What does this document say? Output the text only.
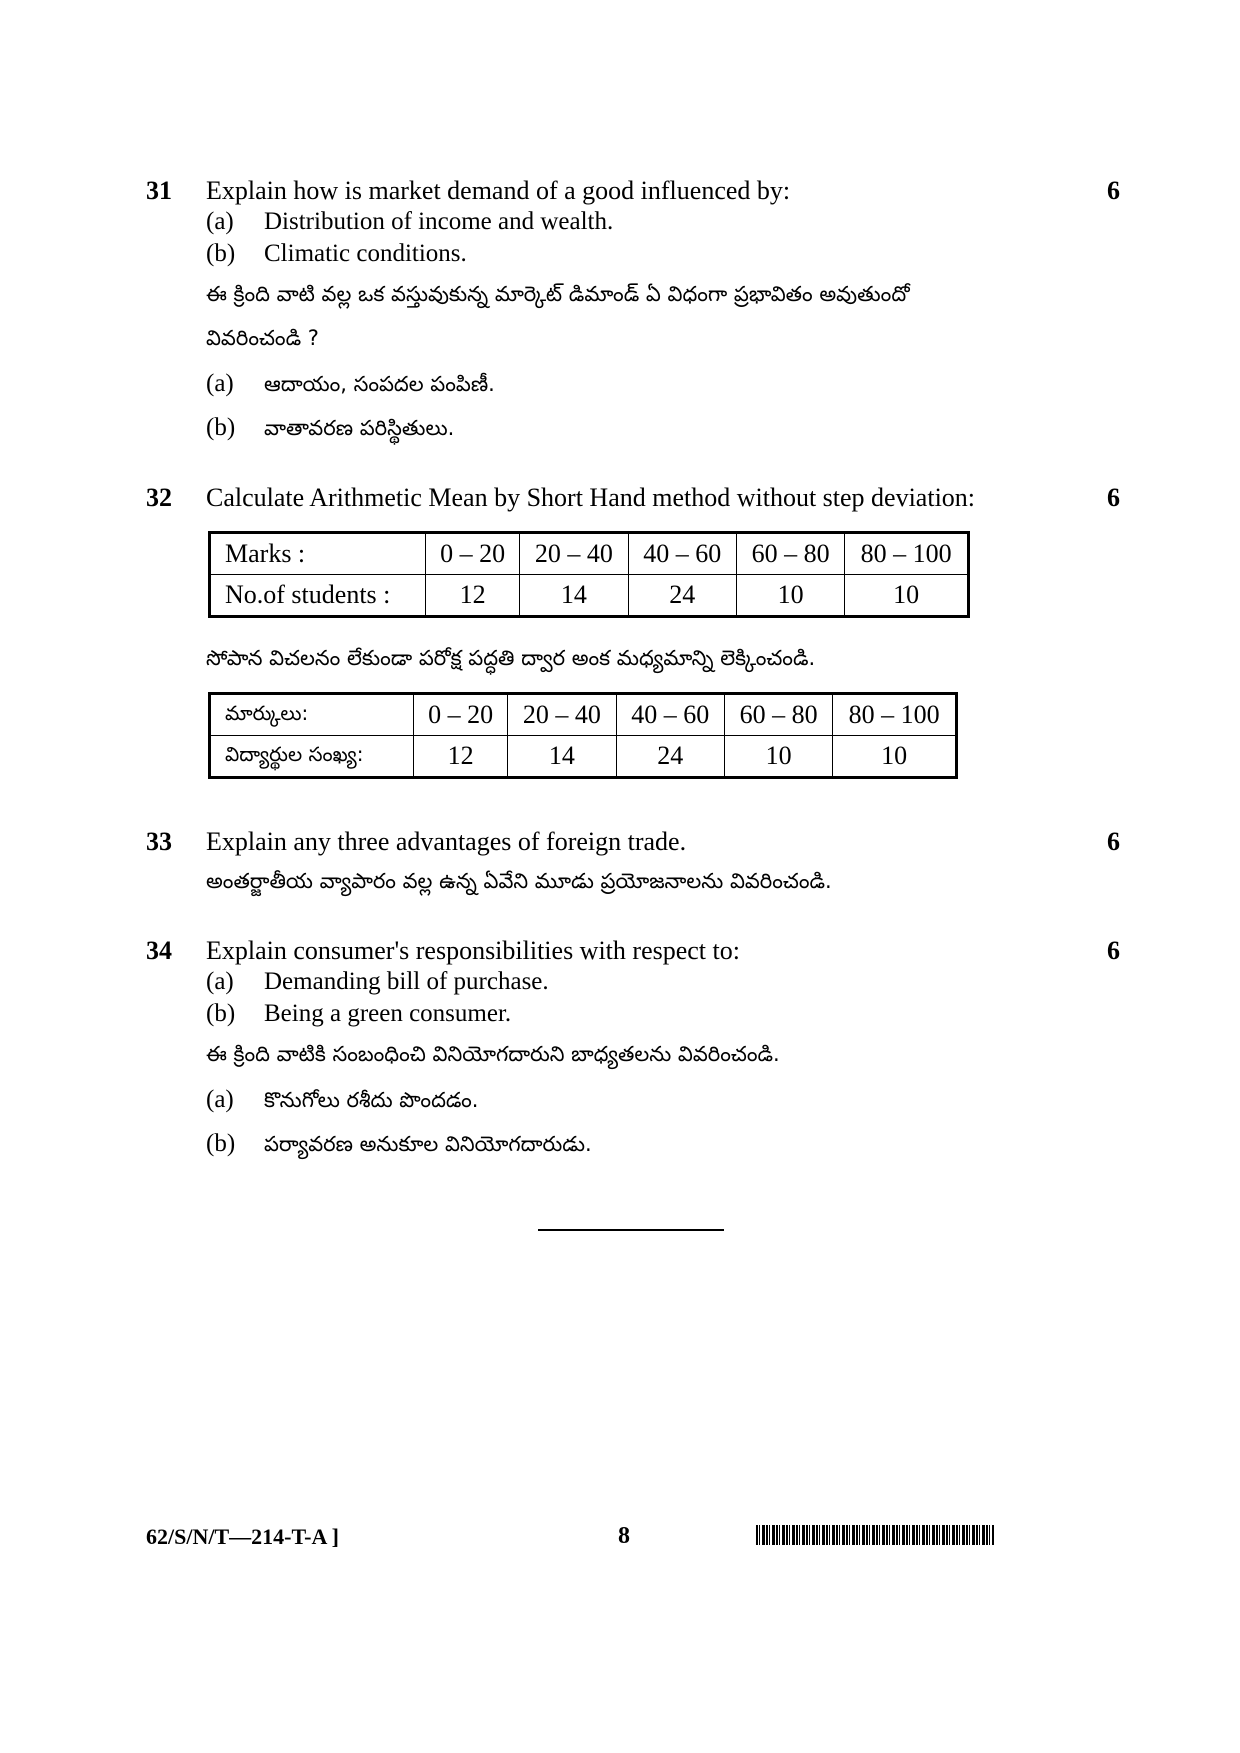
31	6
Explain how is market demand of a good influenced by:
(a) Distribution of income and wealth.
(b) Climatic conditions.
ఈ క్రింది వాటి వల్ల ఒక వస్తువుకున్న మార్కెట్ డిమాండ్ ఏ విధంగా ప్రభావితం అవుతుందో
వివరించండి ?
(a) ఆదాయం, సంపదల పంపిణీ.
(b) వాతావరణ పరిస్థితులు.
32	6
Calculate Arithmetic Mean by Short Hand method without step deviation:
Marks :	0 – 20	20 – 40	40 – 60	60 – 80	80 – 100
No.of students :	12	14	24	10	10
సోపాన విచలనం లేకుండా పరోక్ష పద్ధతి ద్వార అంక మధ్యమాన్ని లెక్కించండి.
మార్కులు:	0 – 20	20 – 40	40 – 60	60 – 80	80 – 100
విద్యార్థుల సంఖ్య:	12	14	24	10	10
33	6
Explain any three advantages of foreign trade.
అంతర్జాతీయ వ్యాపారం వల్ల ఉన్న ఏవేని మూడు ప్రయోజనాలను వివరించండి.
34	6
Explain consumer's responsibilities with respect to:
(a) Demanding bill of purchase.
(b) Being a green consumer.
ఈ క్రింది వాటికి సంబంధించి వినియోగదారుని బాధ్యతలను వివరించండి.
(a) కొనుగోలు రశీదు పొందడం.
(b) పర్యావరణ అనుకూల వినియోగదారుడు.
62/S/N/T—214-T-A ]	8
